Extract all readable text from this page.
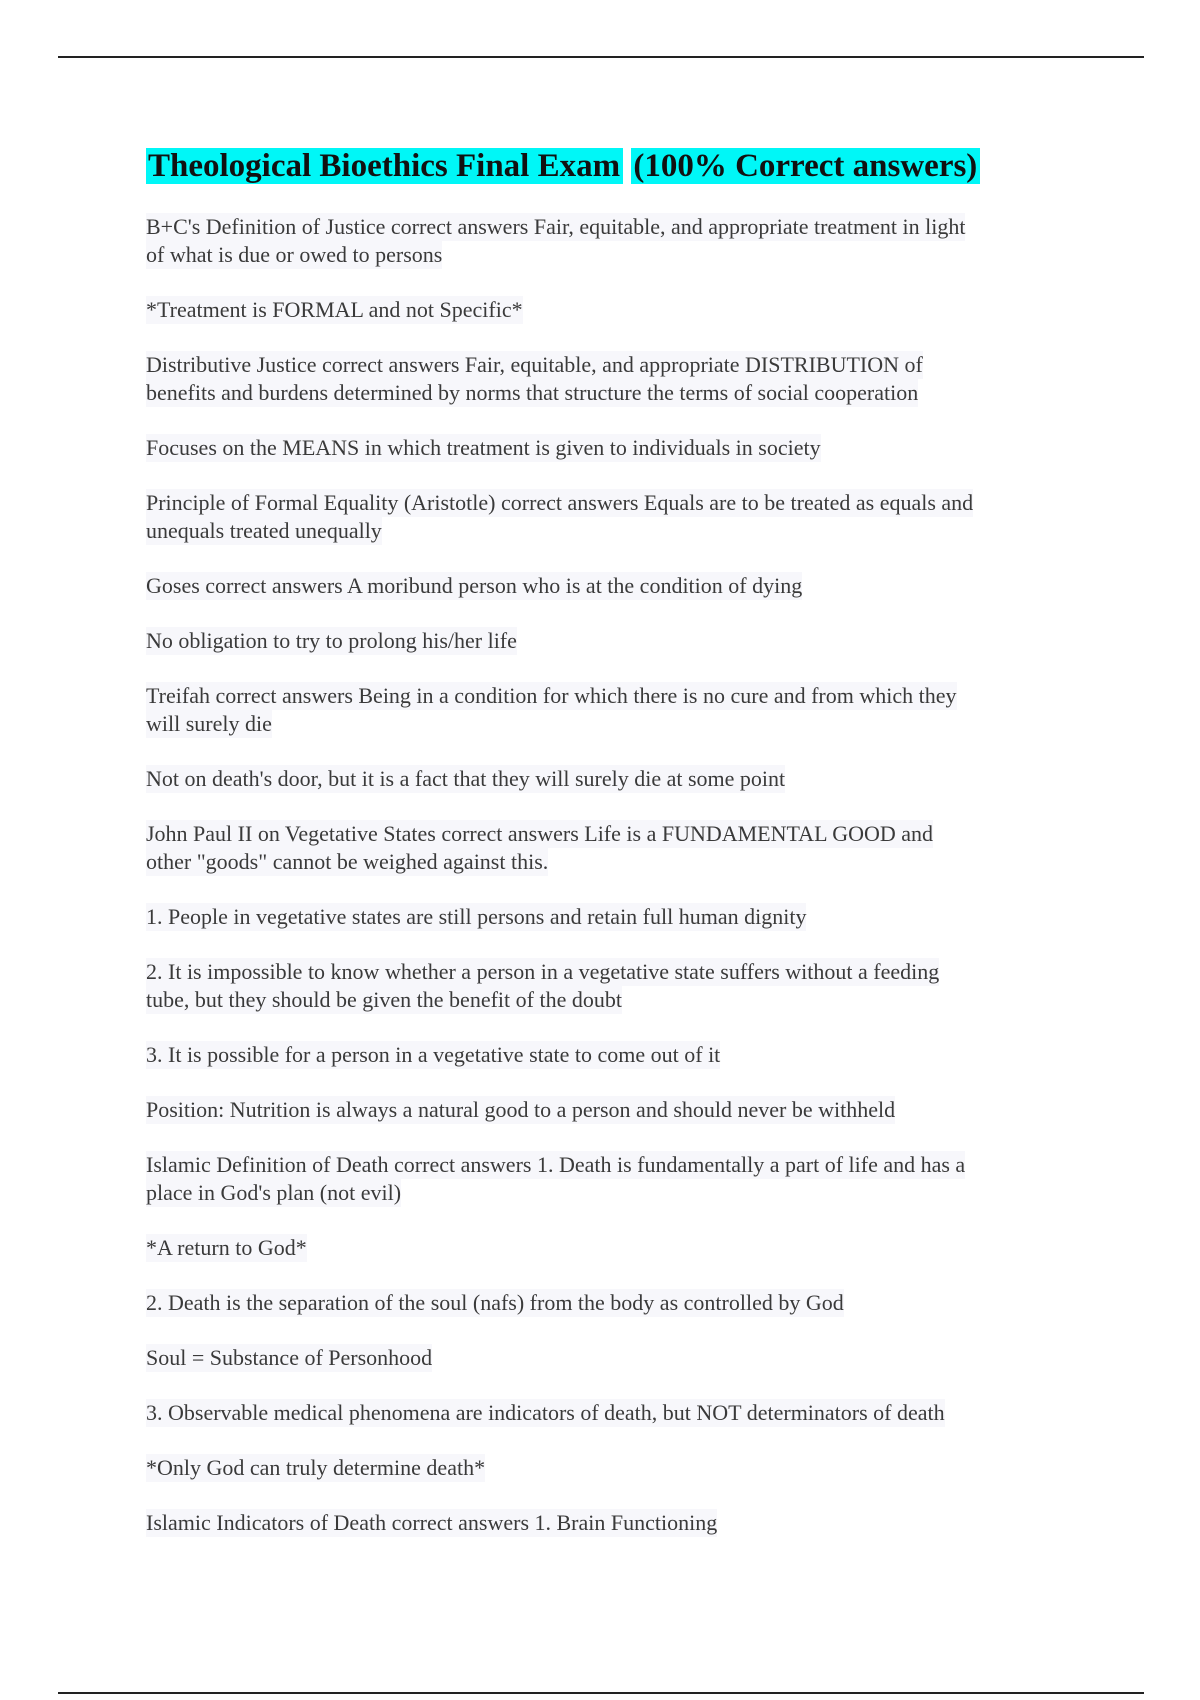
Theological Bioethics Final Exam (100% Correct answers)

B+C's Definition of Justice correct answers Fair, equitable, and appropriate treatment in light
of what is due or owed to persons

*Treatment is FORMAL and not Specific*

Distributive Justice correct answers Fair, equitable, and appropriate DISTRIBUTION of
benefits and burdens determined by norms that structure the terms of social cooperation

Focuses on the MEANS in which treatment is given to individuals in society

Principle of Formal Equality (Aristotle) correct answers Equals are to be treated as equals and
unequals treated unequally

Goses correct answers A moribund person who is at the condition of dying

No obligation to try to prolong his/her life

Treifah correct answers Being in a condition for which there is no cure and from which they
will surely die

Not on death's door, but it is a fact that they will surely die at some point

John Paul II on Vegetative States correct answers Life is a FUNDAMENTAL GOOD and
other "goods" cannot be weighed against this.

1. People in vegetative states are still persons and retain full human dignity

2. It is impossible to know whether a person in a vegetative state suffers without a feeding
tube, but they should be given the benefit of the doubt

3. It is possible for a person in a vegetative state to come out of it

Position: Nutrition is always a natural good to a person and should never be withheld

Islamic Definition of Death correct answers 1. Death is fundamentally a part of life and has a
place in God's plan (not evil)

*A return to God*

2. Death is the separation of the soul (nafs) from the body as controlled by God

Soul = Substance of Personhood

3. Observable medical phenomena are indicators of death, but NOT determinators of death

*Only God can truly determine death*

Islamic Indicators of Death correct answers 1. Brain Functioning
